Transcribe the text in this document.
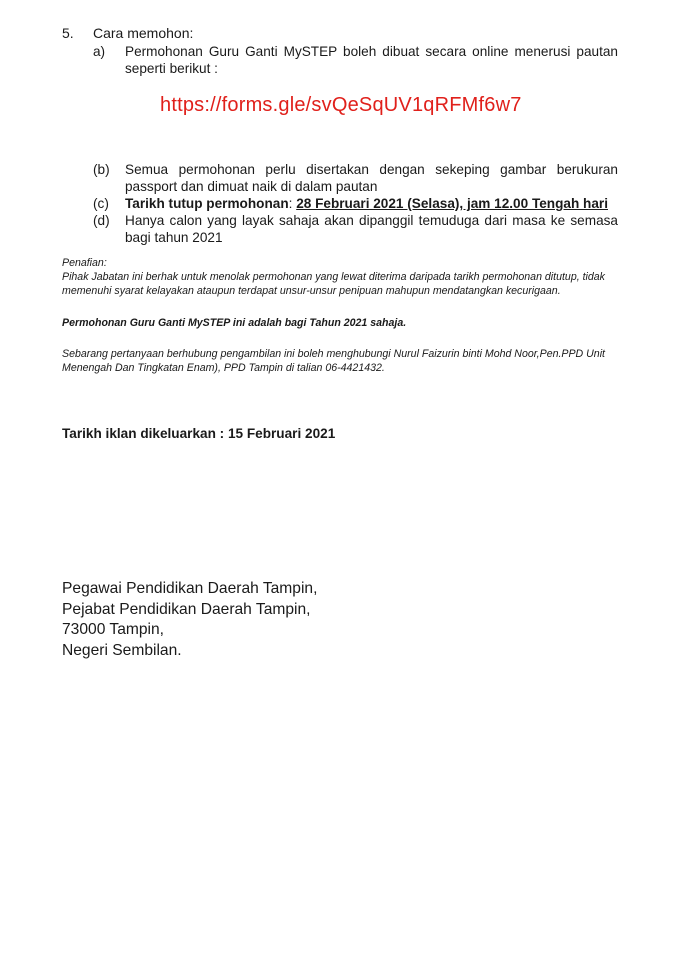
5. Cara memohon:
a) Permohonan Guru Ganti MySTEP boleh dibuat secara online menerusi pautan seperti berikut :
https://forms.gle/svQeSqUV1qRFMf6w7
(b) Semua permohonan perlu disertakan dengan sekeping gambar berukuran passport dan dimuat naik di dalam pautan
(c) Tarikh tutup permohonan: 28 Februari 2021 (Selasa), jam 12.00 Tengah hari
(d) Hanya calon yang layak sahaja akan dipanggil temuduga dari masa ke semasa bagi tahun 2021
Penafian:
Pihak Jabatan ini berhak untuk menolak permohonan yang lewat diterima daripada tarikh permohonan ditutup, tidak memenuhi syarat kelayakan ataupun terdapat unsur-unsur penipuan mahupun mendatangkan kecurigaan.
Permohonan Guru Ganti MySTEP ini adalah bagi Tahun 2021 sahaja.
Sebarang pertanyaan berhubung pengambilan ini boleh menghubungi Nurul Faizurin binti Mohd Noor,Pen.PPD Unit Menengah Dan Tingkatan Enam), PPD Tampin di talian 06-4421432.
Tarikh iklan dikeluarkan : 15 Februari 2021
Pegawai Pendidikan Daerah Tampin,
Pejabat Pendidikan Daerah Tampin,
73000 Tampin,
Negeri Sembilan.
